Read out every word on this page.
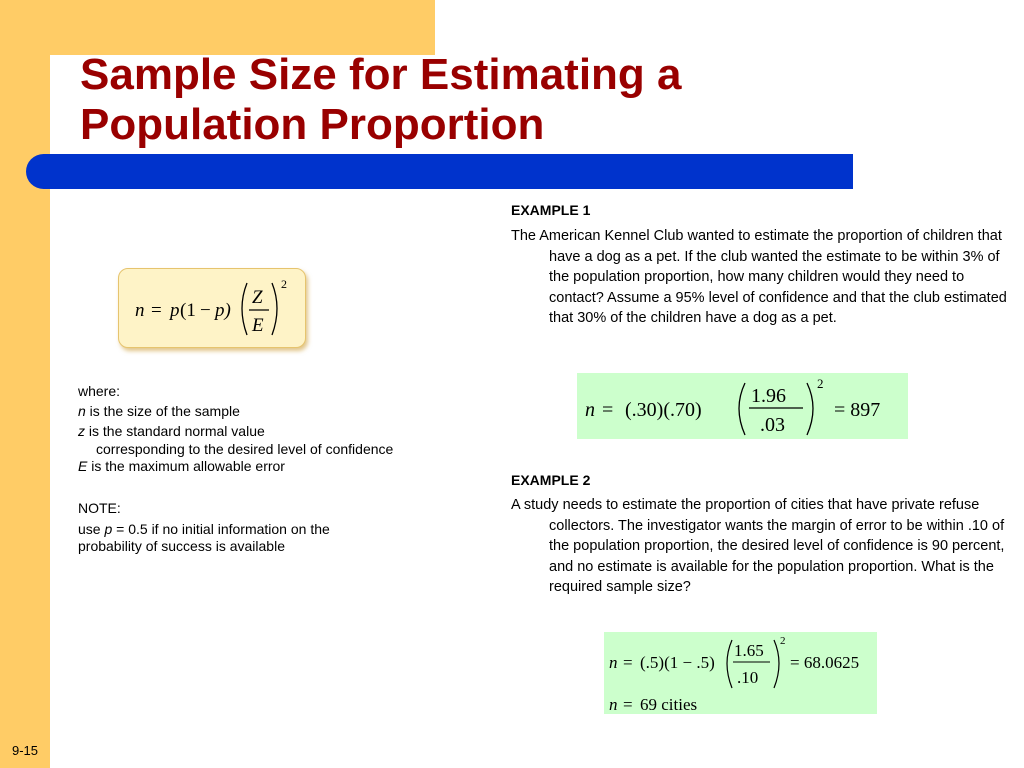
Sample Size for Estimating a
Population Proportion
n = p (1 − p)
Z
E
2
where:
n is the size of the sample
z is the standard normal value
corresponding to the desired level of confidence
E is the maximum allowable error
NOTE:
use p = 0.5 if no initial information on the
probability of success is available
EXAMPLE 1

The American Kennel Club wanted to estimate the proportion of children that have a dog as a pet. If the club wanted the estimate to be within 3% of the population proportion, how many children would they need to contact? Assume a 95% level of confidence and that the club estimated that 30% of the children have a dog as a pet.

n = (.30)(.70)
1.96
.03
2
= 897
EXAMPLE 2

A study needs to estimate the proportion of cities that have private refuse collectors. The investigator wants the margin of error to be within .10 of the population proportion, the desired level of confidence is 90 percent, and no estimate is available for the population proportion. What is the required sample size?

n = (.5)(1 − .5)
1.65
.10
2
= 68.0625
n = 69 cities
9-15
